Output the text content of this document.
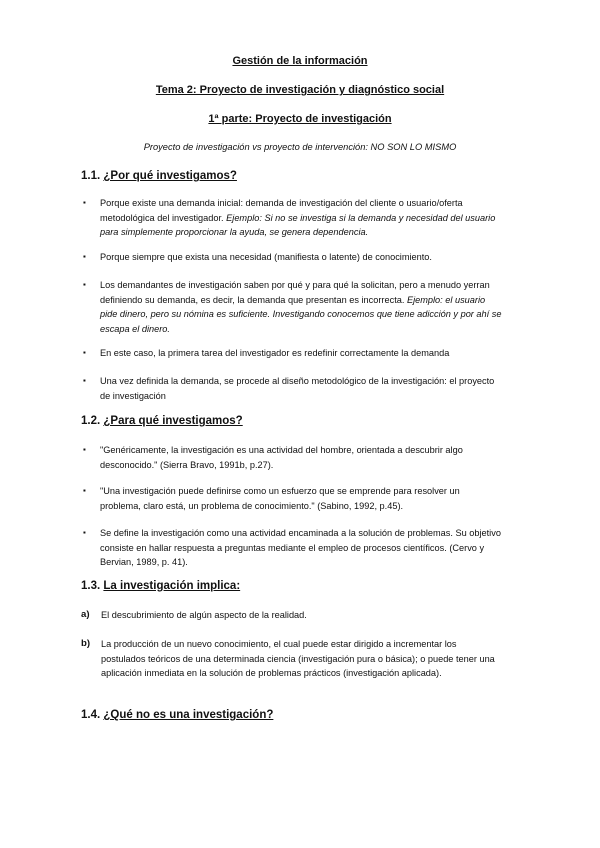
Gestión de la información
Tema 2: Proyecto de investigación y diagnóstico social
1ª parte: Proyecto de investigación
Proyecto de investigación vs proyecto de intervención: NO SON LO MISMO
1.1. ¿Por qué investigamos?
▪ Porque existe una demanda inicial: demanda de investigación del cliente o usuario/oferta metodológica del investigador. Ejemplo: Si no se investiga si la demanda y necesidad del usuario para simplemente proporcionar la ayuda, se genera dependencia.
▪ Porque siempre que exista una necesidad (manifiesta o latente) de conocimiento.
▪ Los demandantes de investigación saben por qué y para qué la solicitan, pero a menudo yerran definiendo su demanda, es decir, la demanda que presentan es incorrecta. Ejemplo: el usuario pide dinero, pero su nómina es suficiente. Investigando conocemos que tiene adicción y por ahí se escapa el dinero.
▪ En este caso, la primera tarea del investigador es redefinir correctamente la demanda
▪ Una vez definida la demanda, se procede al diseño metodológico de la investigación: el proyecto de investigación
1.2. ¿Para qué investigamos?
▪ "Genéricamente, la investigación es una actividad del hombre, orientada a descubrir algo desconocido." (Sierra Bravo, 1991b, p.27).
▪ "Una investigación puede definirse como un esfuerzo que se emprende para resolver un problema, claro está, un problema de conocimiento." (Sabino, 1992, p.45).
▪ Se define la investigación como una actividad encaminada a la solución de problemas. Su objetivo consiste en hallar respuesta a preguntas mediante el empleo de procesos científicos. (Cervo y Bervian, 1989, p. 41).
1.3. La investigación implica:
a) El descubrimiento de algún aspecto de la realidad.
b) La producción de un nuevo conocimiento, el cual puede estar dirigido a incrementar los postulados teóricos de una determinada ciencia (investigación pura o básica); o puede tener una aplicación inmediata en la solución de problemas prácticos (investigación aplicada).
1.4. ¿Qué no es una investigación?
